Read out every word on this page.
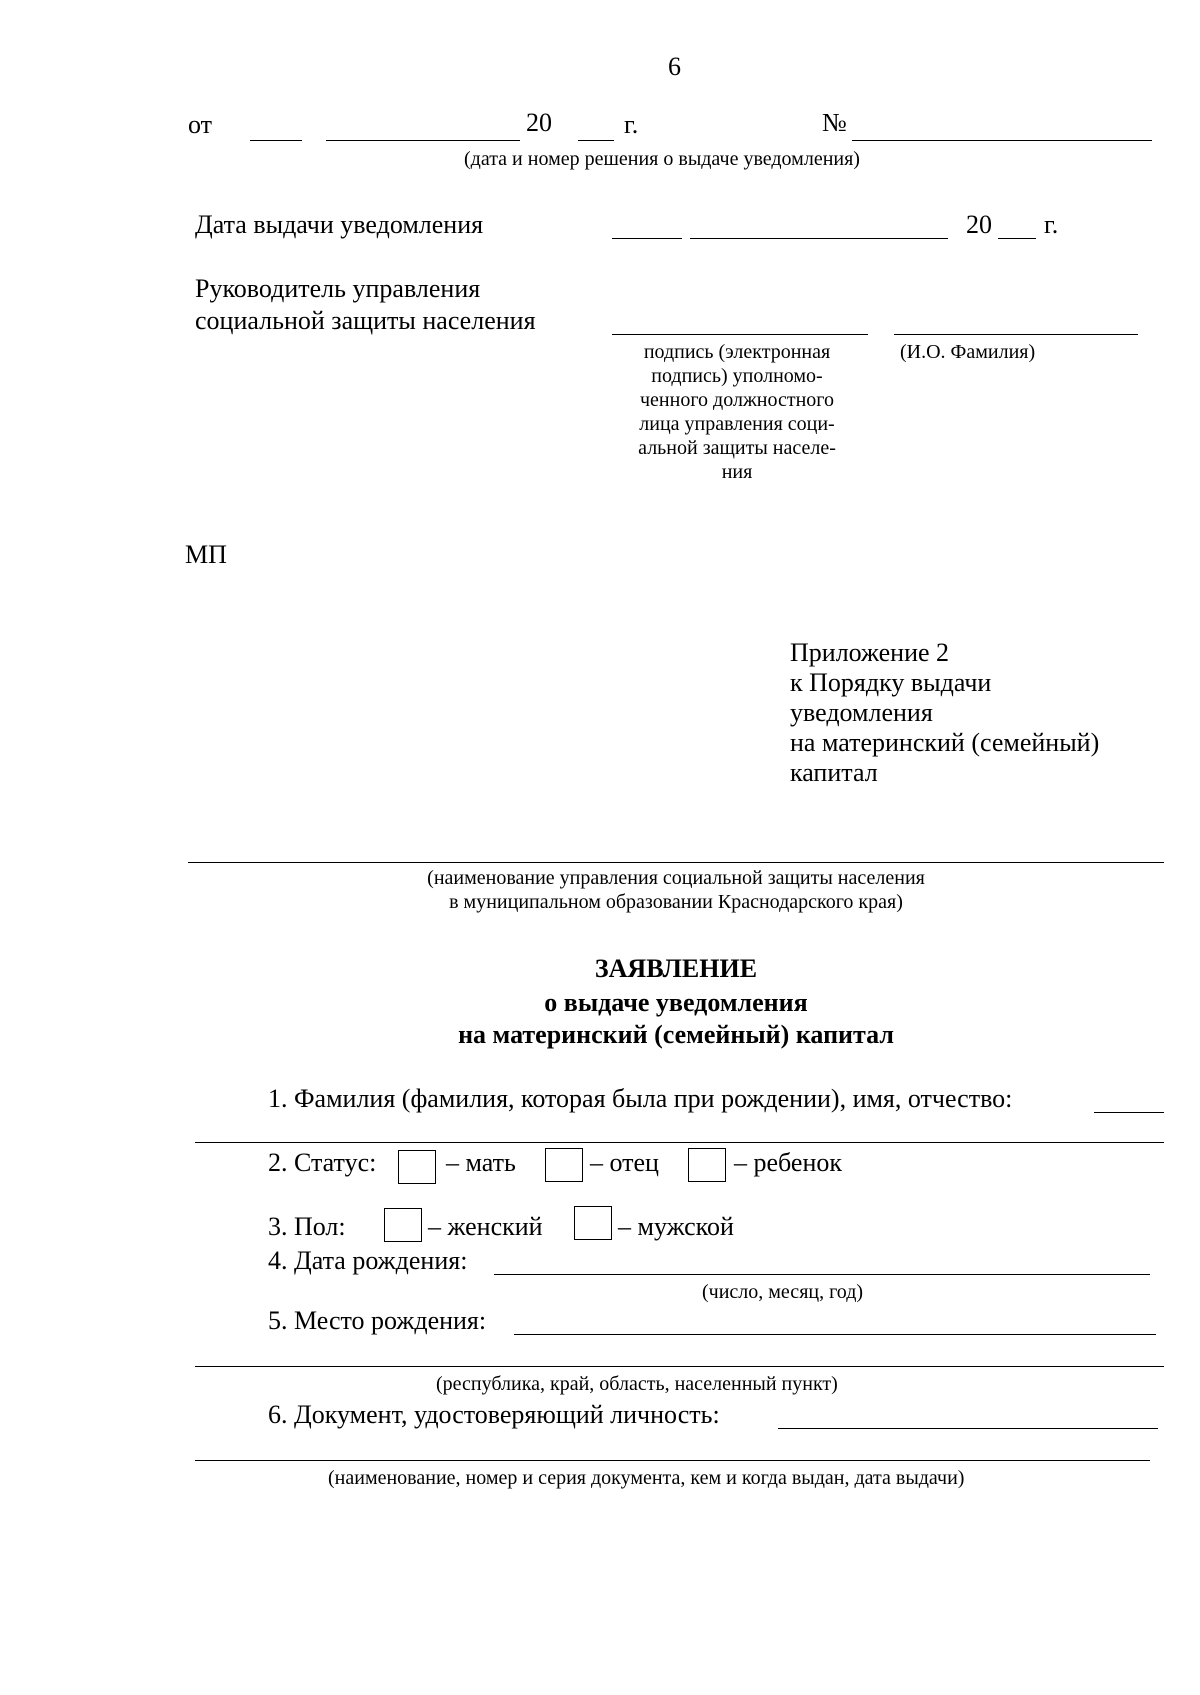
6
от	20	г.	№
(дата и номер решения о выдаче уведомления)
Дата выдачи уведомления	20 г.
Руководитель управления
социальной защиты населения
подпись (электронная
подпись) уполномо-
ченного должностного
лица управления соци-
альной защиты населе-
ния
(И.О. Фамилия)
МП
Приложение 2
к Порядку выдачи
уведомления
на материнский (семейный)
капитал
(наименование управления социальной защиты населения
в муниципальном образовании Краснодарского края)
ЗАЯВЛЕНИЕ
о выдаче уведомления
на материнский (семейный) капитал
1. Фамилия (фамилия, которая была при рождении), имя, отчество:
2. Статус:	– мать	– отец	– ребенок
3. Пол:	– женский	– мужской
4. Дата рождения:
(число, месяц, год)
5. Место рождения:
(республика, край, область, населенный пункт)
6. Документ, удостоверяющий личность:
(наименование, номер и серия документа, кем и когда выдан, дата выдачи)
